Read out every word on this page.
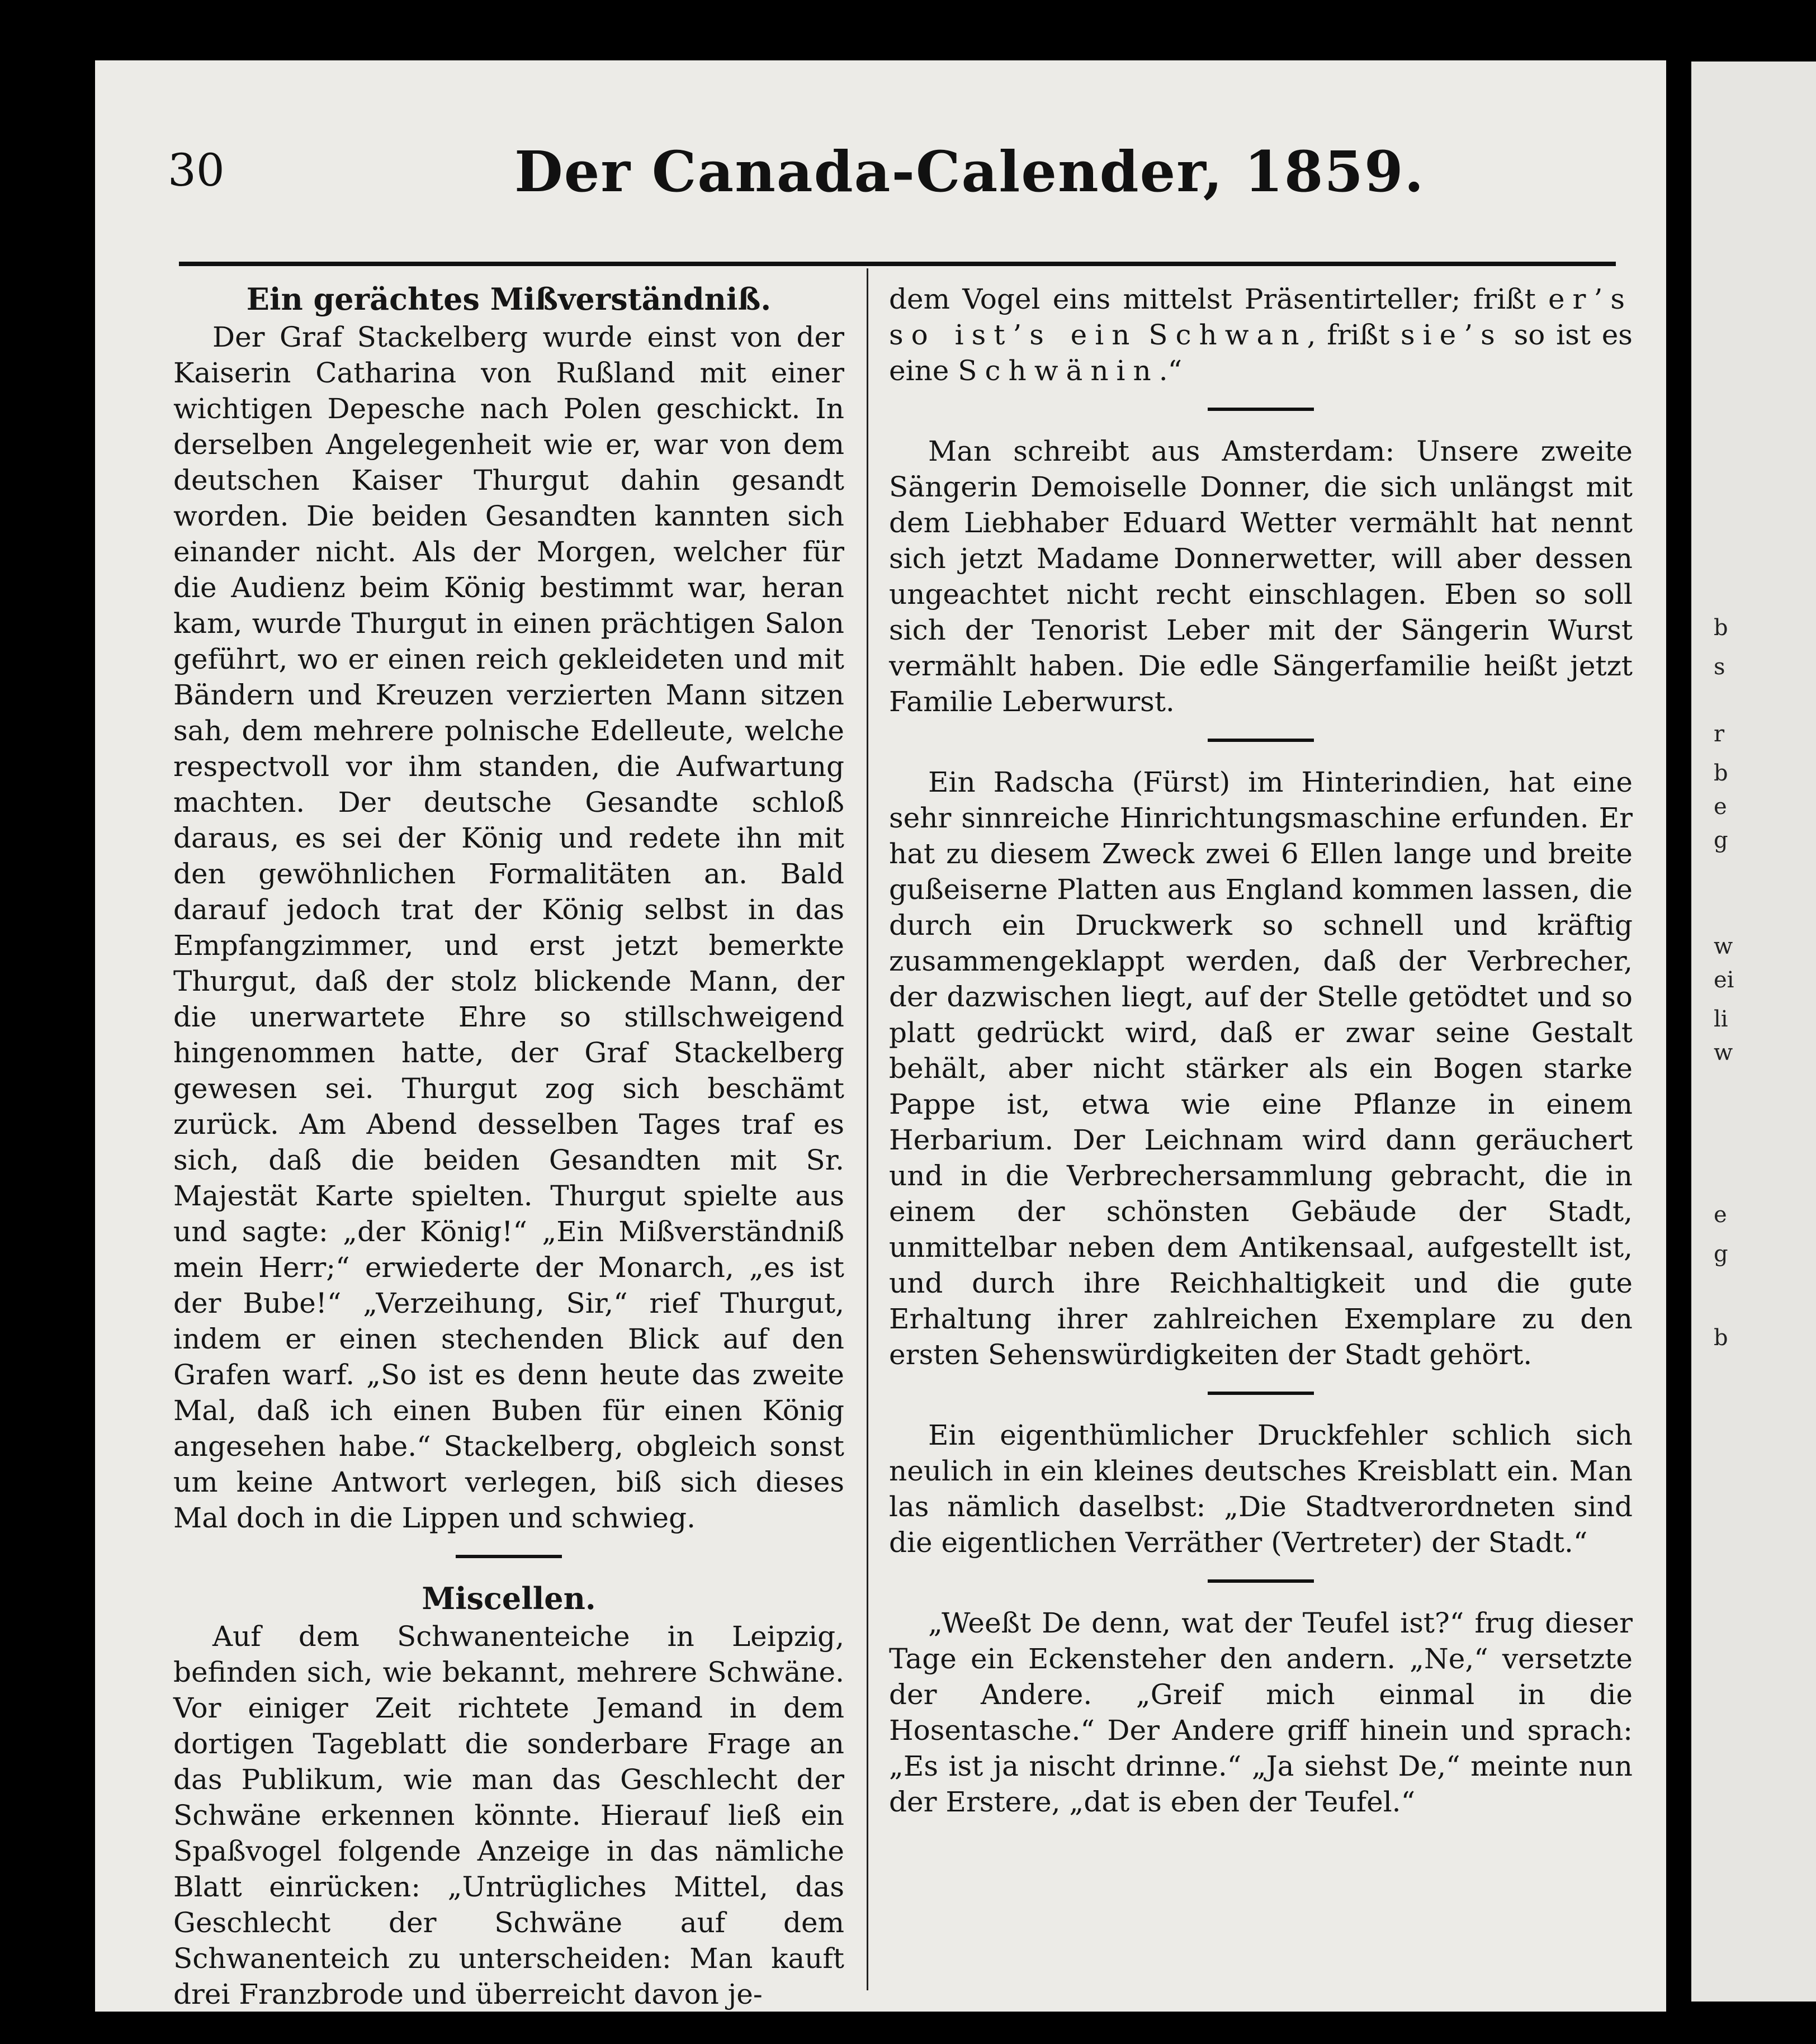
30	Der Canada-Calender, 1859.
Ein gerächtes Mißverständniß.

Der Graf Stackelberg wurde einst von der Kaiserin Catharina von Rußland mit einer wichtigen Depesche nach Polen geschickt. In derselben Angelegenheit wie er, war von dem deutschen Kaiser Thurgut dahin gesandt worden. Die beiden Gesandten kannten sich einander nicht. Als der Morgen, welcher für die Audienz beim König bestimmt war, heran kam, wurde Thurgut in einen prächtigen Salon geführt, wo er einen reich gekleideten und mit Bändern und Kreuzen verzierten Mann sitzen sah, dem mehrere polnische Edelleute, welche respectvoll vor ihm standen, die Aufwartung machten. Der deutsche Gesandte schloß daraus, es sei der König und redete ihn mit den gewöhnlichen Formalitäten an. Bald darauf jedoch trat der König selbst in das Empfangzimmer, und erst jetzt bemerkte Thurgut, daß der stolz blickende Mann, der die unerwartete Ehre so stillschweigend hingenommen hatte, der Graf Stackelberg gewesen sei. Thurgut zog sich beschämt zurück. Am Abend desselben Tages traf es sich, daß die beiden Gesandten mit Sr. Majestät Karte spielten. Thurgut spielte aus und sagte: „der König!“ „Ein Mißverständniß mein Herr;“ erwiederte der Monarch, „es ist der Bube!“ „Verzeihung, Sir,“ rief Thurgut, indem er einen stechenden Blick auf den Grafen warf. „So ist es denn heute das zweite Mal, daß ich einen Buben für einen König angesehen habe.“ Stackelberg, obgleich sonst um keine Antwort verlegen, biß sich dieses Mal doch in die Lippen und schwieg.

Miscellen.

Auf dem Schwanenteiche in Leipzig, befinden sich, wie bekannt, mehrere Schwäne. Vor einiger Zeit richtete Jemand in dem dortigen Tageblatt die sonderbare Frage an das Publikum, wie man das Geschlecht der Schwäne erkennen könnte. Hierauf ließ ein Spaßvogel folgende Anzeige in das nämliche Blatt einrücken: „Untrügliches Mittel, das Geschlecht der Schwäne auf dem Schwanenteich zu unterscheiden: Man kauft drei Franzbrode und überreicht davon je-

dem Vogel eins mittelst Präsentirteller; frißt er’s so ist’s ein Schwan, frißt sie’s so ist es eine Schwänin.“

Man schreibt aus Amsterdam: Unsere zweite Sängerin Demoiselle Donner, die sich unlängst mit dem Liebhaber Eduard Wetter vermählt hat nennt sich jetzt Madame Donnerwetter, will aber dessen ungeachtet nicht recht einschlagen. Eben so soll sich der Tenorist Leber mit der Sängerin Wurst vermählt haben. Die edle Sängerfamilie heißt jetzt Familie Leberwurst.

Ein Radscha (Fürst) im Hinterindien, hat eine sehr sinnreiche Hinrichtungsmaschine erfunden. Er hat zu diesem Zweck zwei 6 Ellen lange und breite gußeiserne Platten aus England kommen lassen, die durch ein Druckwerk so schnell und kräftig zusammengeklappt werden, daß der Verbrecher, der dazwischen liegt, auf der Stelle getödtet und so platt gedrückt wird, daß er zwar seine Gestalt behält, aber nicht stärker als ein Bogen starke Pappe ist, etwa wie eine Pflanze in einem Herbarium. Der Leichnam wird dann geräuchert und in die Verbrechersammlung gebracht, die in einem der schönsten Gebäude der Stadt, unmittelbar neben dem Antikensaal, aufgestellt ist, und durch ihre Reichhaltigkeit und die gute Erhaltung ihrer zahlreichen Exemplare zu den ersten Sehenswürdigkeiten der Stadt gehört.

Ein eigenthümlicher Druckfehler schlich sich neulich in ein kleines deutsches Kreisblatt ein. Man las nämlich daselbst: „Die Stadtverordneten sind die eigentlichen Verräther (Vertreter) der Stadt.“

„Weeßt De denn, wat der Teufel ist?“ frug dieser Tage ein Eckensteher den andern. „Ne,“ versetzte der Andere. „Greif mich einmal in die Hosentasche.“ Der Andere griff hinein und sprach: „Es ist ja nischt drinne.“ „Ja siehst De,“ meinte nun der Erstere, „dat is eben der Teufel.“

b
s
r
b
e
g
w
ei
li
w
e
g
b
